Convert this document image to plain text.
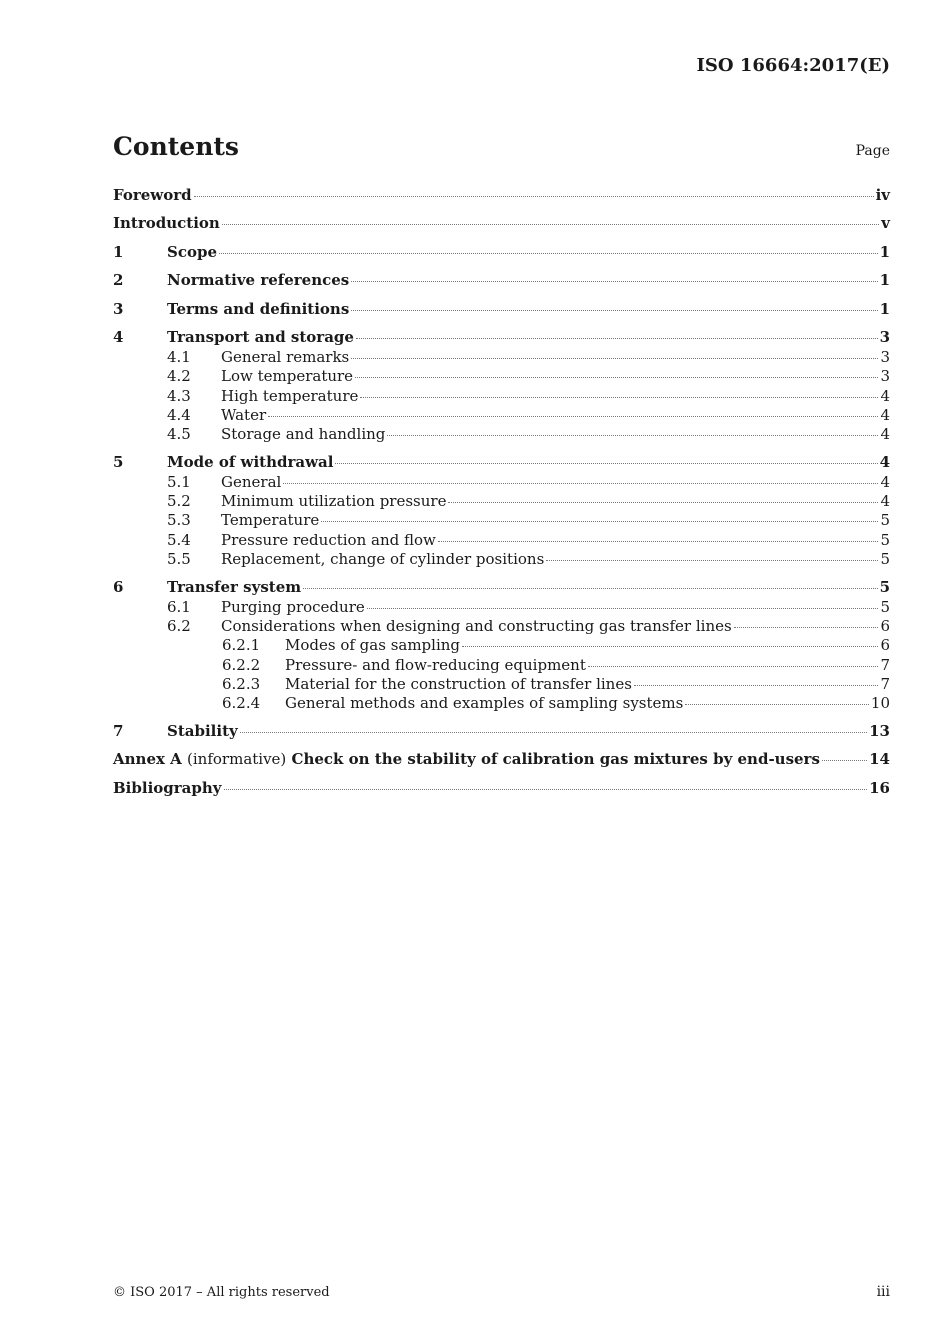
ISO 16664:2017(E)
Contents	Page
Foreword	iv
Introduction	v
1	Scope	1
2	Normative references	1
3	Terms and definitions	1
4	Transport and storage	3
4.1	General remarks	3
4.2	Low temperature	3
4.3	High temperature	4
4.4	Water	4
4.5	Storage and handling	4
5	Mode of withdrawal	4
5.1	General	4
5.2	Minimum utilization pressure	4
5.3	Temperature	5
5.4	Pressure reduction and flow	5
5.5	Replacement, change of cylinder positions	5
6	Transfer system	5
6.1	Purging procedure	5
6.2	Considerations when designing and constructing gas transfer lines	6
6.2.1	Modes of gas sampling	6
6.2.2	Pressure- and flow-reducing equipment	7
6.2.3	Material for the construction of transfer lines	7
6.2.4	General methods and examples of sampling systems	10
7	Stability	13
Annex A (informative) Check on the stability of calibration gas mixtures by end-users	14
Bibliography	16
© ISO 2017 – All rights reserved	iii
